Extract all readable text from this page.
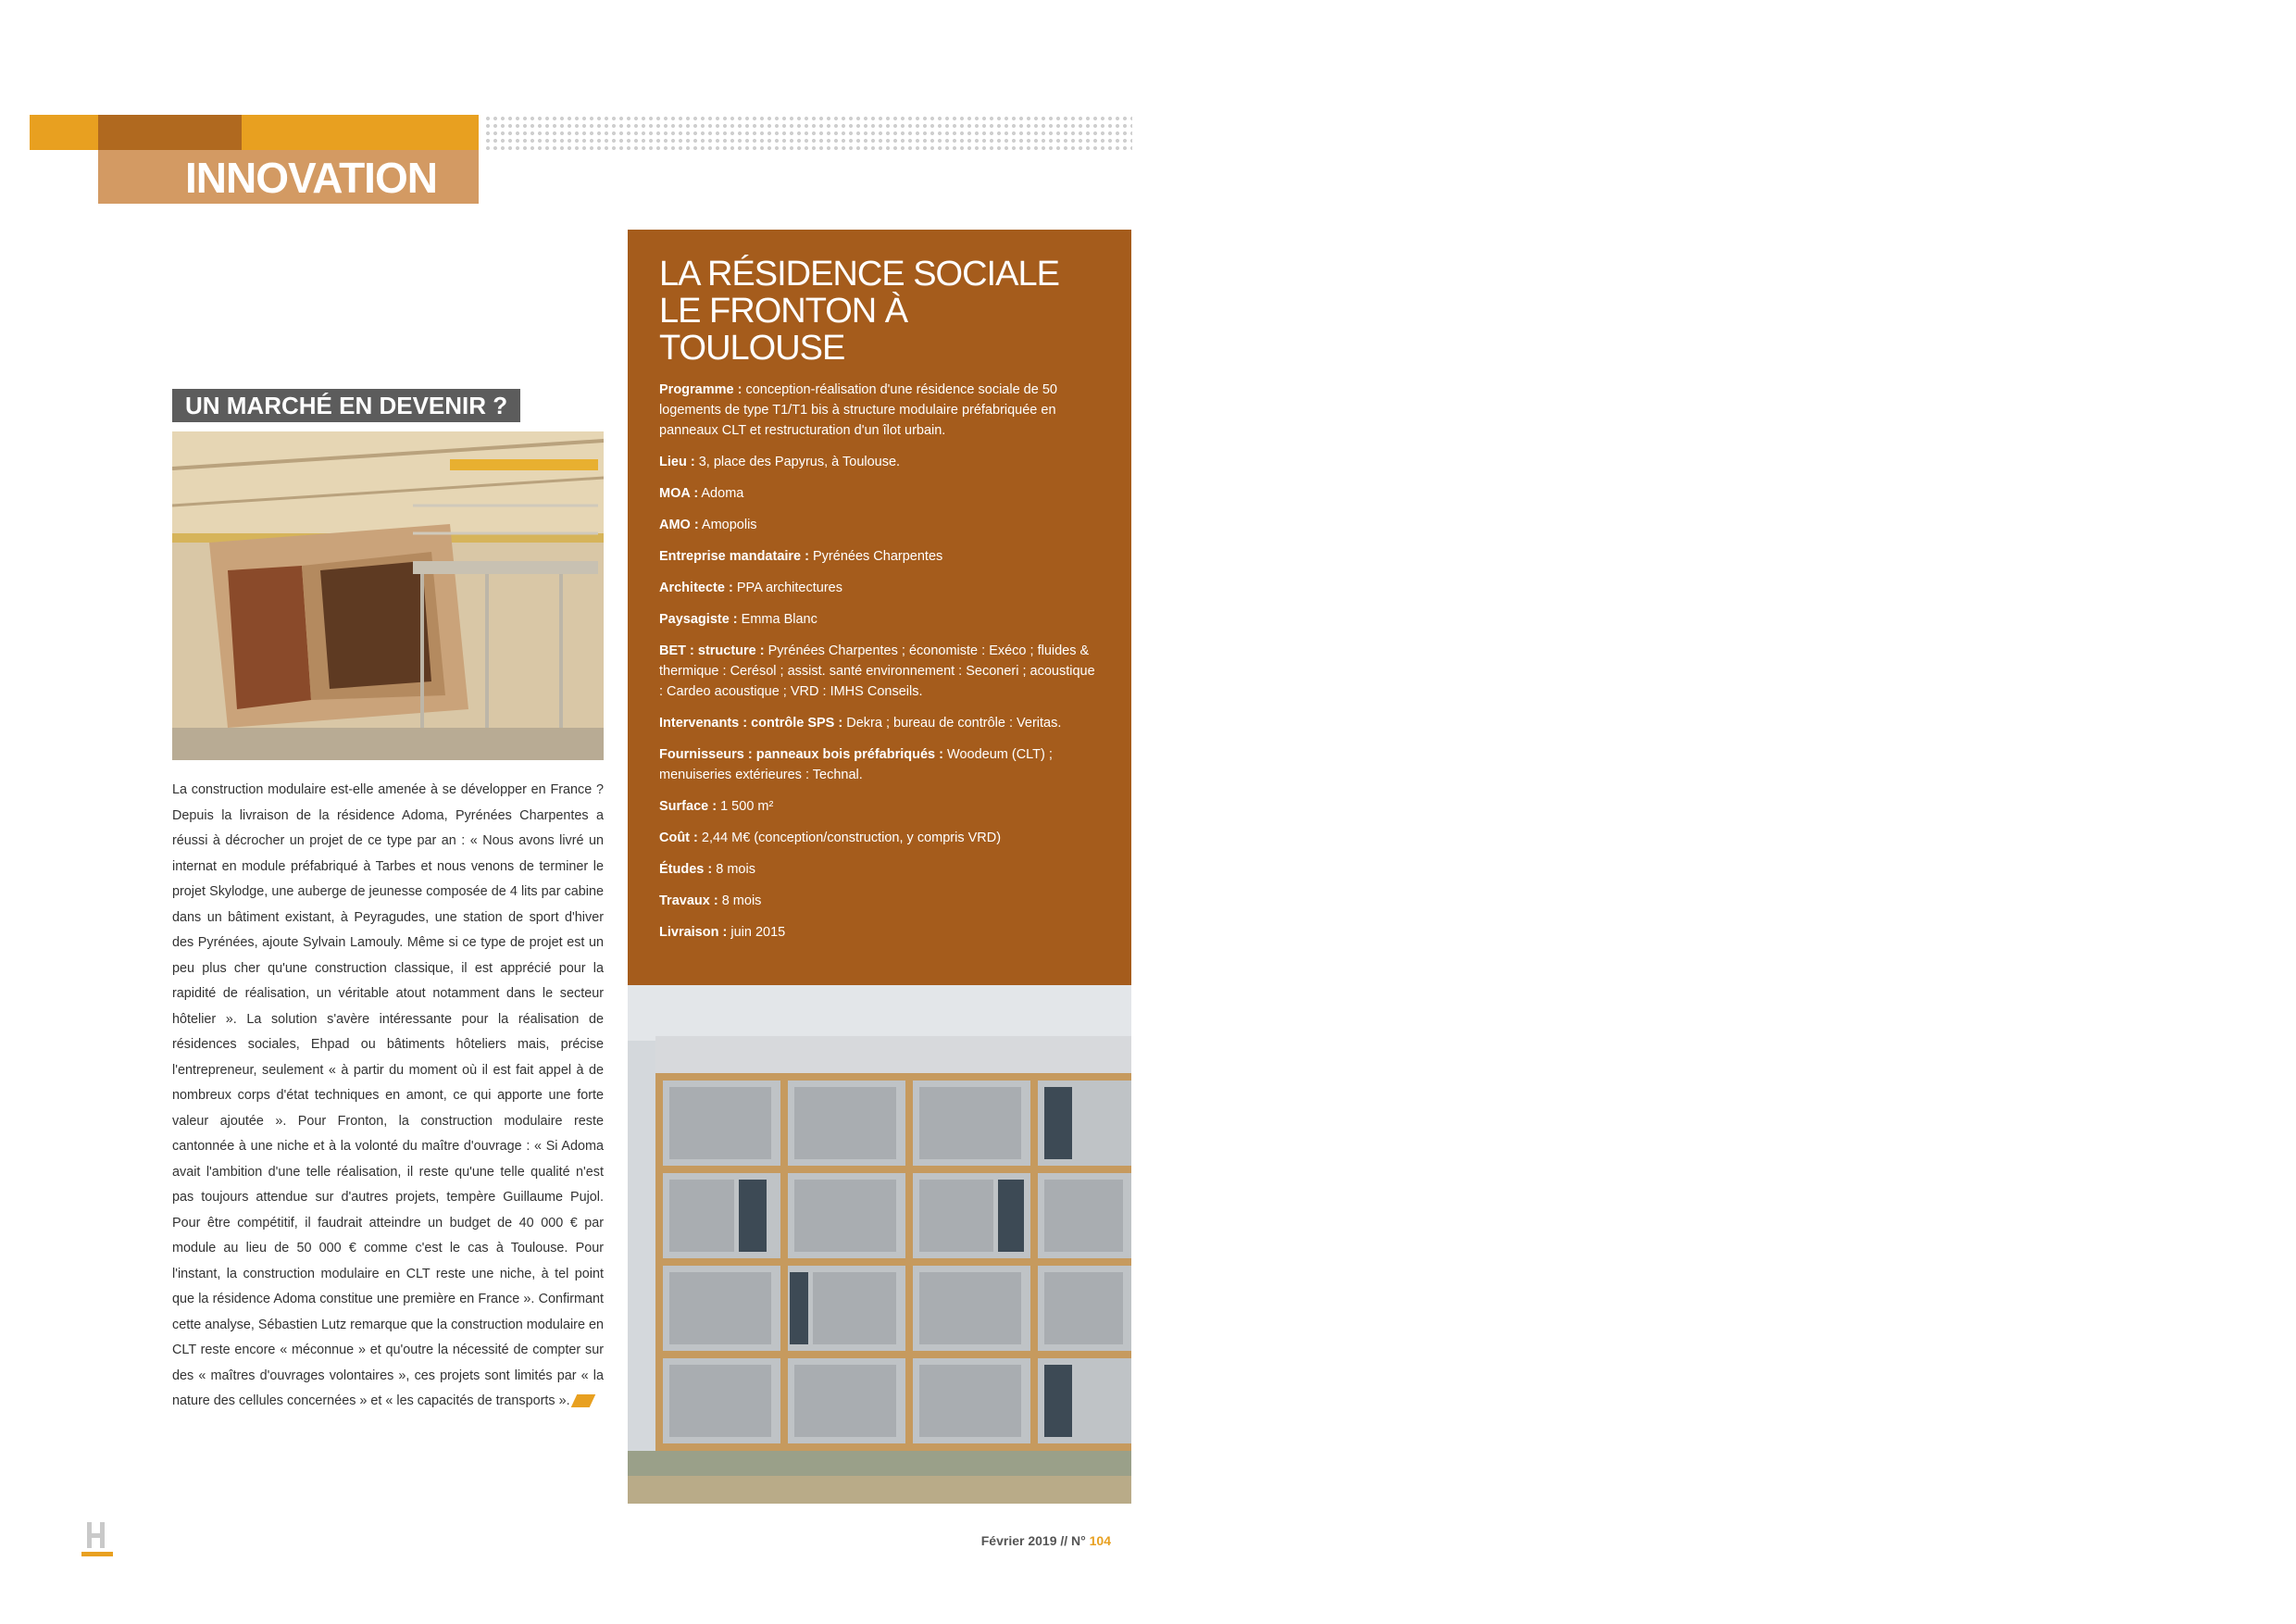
INNOVATION
UN MARCHÉ EN DEVENIR ?
La construction modulaire est-elle amenée à se développer en France ? Depuis la livraison de la résidence Adoma, Pyrénées Charpentes a réussi à décrocher un projet de ce type par an : « Nous avons livré un internat en module préfabriqué à Tarbes et nous venons de terminer le projet Skylodge, une auberge de jeunesse composée de 4 lits par cabine dans un bâtiment existant, à Peyragudes, une station de sport d'hiver des Pyrénées, ajoute Sylvain Lamouly. Même si ce type de projet est un peu plus cher qu'une construction classique, il est apprécié pour la rapidité de réalisation, un véritable atout notamment dans le secteur hôtelier ». La solution s'avère intéressante pour la réalisation de résidences sociales, Ehpad ou bâtiments hôteliers mais, précise l'entrepreneur, seulement « à partir du moment où il est fait appel à de nombreux corps d'état techniques en amont, ce qui apporte une forte valeur ajoutée ». Pour Fronton, la construction modulaire reste cantonnée à une niche et à la volonté du maître d'ouvrage : « Si Adoma avait l'ambition d'une telle réalisation, il reste qu'une telle qualité n'est pas toujours attendue sur d'autres projets, tempère Guillaume Pujol. Pour être compétitif, il faudrait atteindre un budget de 40 000 € par module au lieu de 50 000 € comme c'est le cas à Toulouse. Pour l'instant, la construction modulaire en CLT reste une niche, à tel point que la résidence Adoma constitue une première en France ». Confirmant cette analyse, Sébastien Lutz remarque que la construction modulaire en CLT reste encore « méconnue » et qu'outre la nécessité de compter sur des « maîtres d'ouvrages volontaires », ces projets sont limités par « la nature des cellules concernées » et « les capacités de transports ».
LA RÉSIDENCE SOCIALE
LE FRONTON À TOULOUSE

Programme : conception-réalisation d'une résidence sociale de 50 logements de type T1/T1 bis à structure modulaire préfabriquée en panneaux CLT et restructuration d'un îlot urbain.

Lieu : 3, place des Papyrus, à Toulouse.

MOA : Adoma

AMO : Amopolis

Entreprise mandataire : Pyrénées Charpentes

Architecte : PPA architectures

Paysagiste : Emma Blanc

BET : structure : Pyrénées Charpentes ; économiste : Exéco ; fluides & thermique : Cerésol ; assist. santé environnement : Seconeri ; acoustique : Cardeo acoustique ; VRD : IMHS Conseils.

Intervenants : contrôle SPS : Dekra ; bureau de contrôle : Veritas.

Fournisseurs : panneaux bois préfabriqués : Woodeum (CLT) ; menuiseries extérieures : Technal.

Surface : 1 500 m²

Coût : 2,44 M€ (conception/construction, y compris VRD)

Études : 8 mois

Travaux : 8 mois

Livraison : juin 2015

Février 2019 // N° 104
